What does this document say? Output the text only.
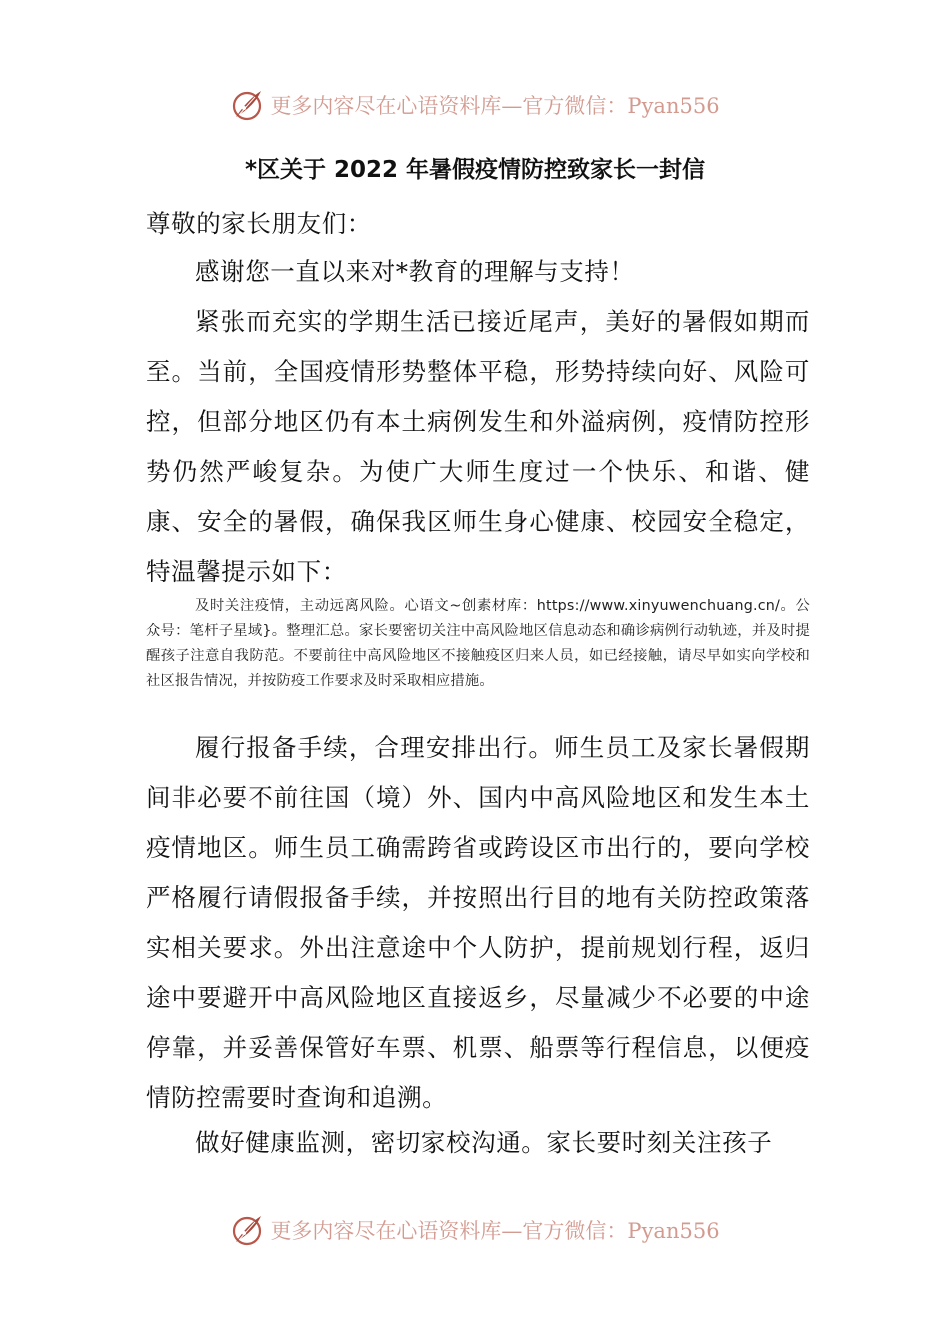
更多内容尽在心语资料库—官方微信：Pyan556
*区关于 2022 年暑假疫情防控致家长一封信

尊敬的家长朋友们：

感谢您一直以来对*教育的理解与支持！

紧张而充实的学期生活已接近尾声，美好的暑假如期而至。当前，全国疫情形势整体平稳，形势持续向好、风险可控，但部分地区仍有本土病例发生和外溢病例，疫情防控形势仍然严峻复杂。为使广大师生度过一个快乐、和谐、健康、安全的暑假，确保我区师生身心健康、校园安全稳定，特温馨提示如下：

及时关注疫情，主动远离风险。心语文~创素材库：https://www.xinyuwenchuang.cn/。公众号：笔杆子星域}。整理汇总。家长要密切关注中高风险地区信息动态和确诊病例行动轨迹，并及时提醒孩子注意自我防范。不要前往中高风险地区不接触疫区归来人员，如已经接触，请尽早如实向学校和社区报告情况，并按防疫工作要求及时采取相应措施。

履行报备手续，合理安排出行。师生员工及家长暑假期间非必要不前往国（境）外、国内中高风险地区和发生本土疫情地区。师生员工确需跨省或跨设区市出行的，要向学校严格履行请假报备手续，并按照出行目的地有关防控政策落实相关要求。外出注意途中个人防护，提前规划行程，返归途中要避开中高风险地区直接返乡，尽量减少不必要的中途停靠，并妥善保管好车票、机票、船票等行程信息，以便疫情防控需要时查询和追溯。

做好健康监测，密切家校沟通。家长要时刻关注孩子

更多内容尽在心语资料库—官方微信：Pyan556
